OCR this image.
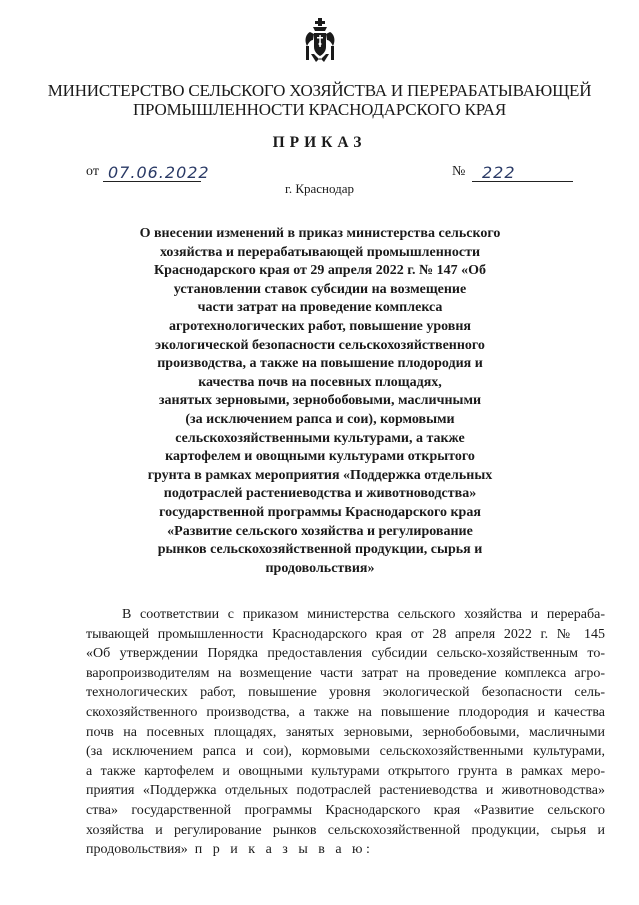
МИНИСТЕРСТВО СЕЛЬСКОГО ХОЗЯЙСТВА И ПЕРЕРАБАТЫВАЮЩЕЙ
ПРОМЫШЛЕННОСТИ КРАСНОДАРСКОГО КРАЯ
ПРИКАЗ
от 07.06.2022
г. Краснодар
№ 222
О внесении изменений в приказ министерства сельского
хозяйства и перерабатывающей промышленности
Краснодарского края от 29 апреля 2022 г. № 147 «Об
установлении ставок субсидии на возмещение
части затрат на проведение комплекса
агротехнологических работ, повышение уровня
экологической безопасности сельскохозяйственного
производства, а также на повышение плодородия и
качества почв на посевных площадях,
занятых зерновыми, зернобобовыми, масличными
(за исключением рапса и сои), кормовыми
сельскохозяйственными культурами, а также
картофелем и овощными культурами открытого
грунта в рамках мероприятия «Поддержка отдельных
подотраслей растениеводства и животноводства»
государственной программы Краснодарского края
«Развитие сельского хозяйства и регулирование
рынков сельскохозяйственной продукции, сырья и
продовольствия»
В соответствии с приказом министерства сельского хозяйства и перераба-
тывающей промышленности Краснодарского края от 28 апреля 2022 г. № 145
«Об утверждении Порядка предоставления субсидии сельско-хозяйственным то-
варопроизводителям на возмещение части затрат на проведение комплекса агро-
технологических работ, повышение уровня экологической безопасности сель-
скохозяйственного производства, а также на повышение плодородия и качества
почв на посевных площадях, занятых зерновыми, зернобобовыми, масличными
(за исключением рапса и сои), кормовыми сельскохозяйственными культурами,
а также картофелем и овощными культурами открытого грунта в рамках меро-
приятия «Поддержка отдельных подотраслей растениеводства и животноводства»
ства» государственной программы Краснодарского края «Развитие сельского
хозяйства и регулирование рынков сельскохозяйственной продукции, сырья и
продовольствия» п р и к а з ы в а ю:
